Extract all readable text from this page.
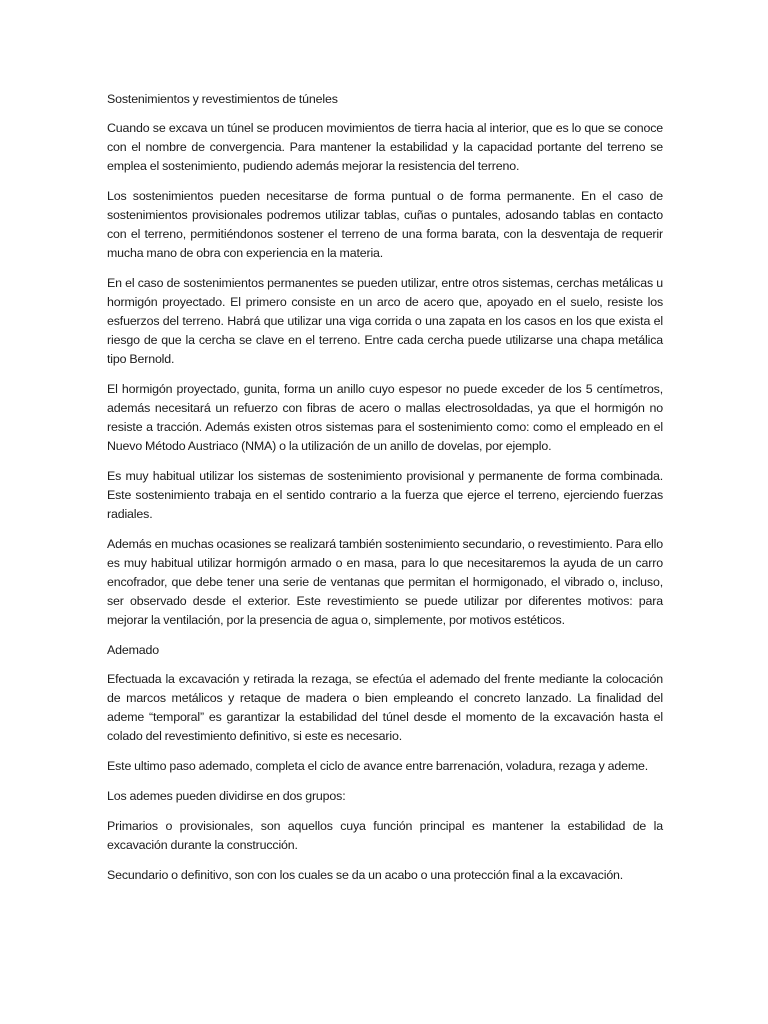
Sostenimientos y revestimientos de túneles

Cuando se excava un túnel se producen movimientos de tierra hacia al interior, que es lo que se conoce con el nombre de convergencia. Para mantener la estabilidad y la capacidad portante del terreno se emplea el sostenimiento, pudiendo además mejorar la resistencia del terreno.

Los sostenimientos pueden necesitarse de forma puntual o de forma permanente. En el caso de sostenimientos provisionales podremos utilizar tablas, cuñas o puntales, adosando tablas en contacto con el terreno, permitiéndonos sostener el terreno de una forma barata, con la desventaja de requerir mucha mano de obra con experiencia en la materia.

En el caso de sostenimientos permanentes se pueden utilizar, entre otros sistemas, cerchas metálicas u hormigón proyectado. El primero consiste en un arco de acero que, apoyado en el suelo, resiste los esfuerzos del terreno. Habrá que utilizar una viga corrida o una zapata en los casos en los que exista el riesgo de que la cercha se clave en el terreno. Entre cada cercha puede utilizarse una chapa metálica tipo Bernold.

El hormigón proyectado, gunita, forma un anillo cuyo espesor no puede exceder de los 5 centímetros, además necesitará un refuerzo con fibras de acero o mallas electrosoldadas, ya que el hormigón no resiste a tracción. Además existen otros sistemas para el sostenimiento como: como el empleado en el Nuevo Método Austriaco (NMA) o la utilización de un anillo de dovelas, por ejemplo.

Es muy habitual utilizar los sistemas de sostenimiento provisional y permanente de forma combinada. Este sostenimiento trabaja en el sentido contrario a la fuerza que ejerce el terreno, ejerciendo fuerzas radiales.

Además en muchas ocasiones se realizará también sostenimiento secundario, o revestimiento. Para ello es muy habitual utilizar hormigón armado o en masa, para lo que necesitaremos la ayuda de un carro encofrador, que debe tener una serie de ventanas que permitan el hormigonado, el vibrado o, incluso, ser observado desde el exterior. Este revestimiento se puede utilizar por diferentes motivos: para mejorar la ventilación, por la presencia de agua o, simplemente, por motivos estéticos.

Ademado

Efectuada la excavación y retirada la rezaga, se efectúa el ademado del frente mediante la colocación de marcos metálicos y retaque de madera o bien empleando el concreto lanzado. La finalidad del ademe “temporal” es garantizar la estabilidad del túnel desde el momento de la excavación hasta el colado del revestimiento definitivo, si este es necesario.

Este ultimo paso ademado, completa el ciclo de avance entre barrenación, voladura, rezaga y ademe.

Los ademes pueden dividirse en dos grupos:

Primarios o provisionales, son aquellos cuya función principal es mantener la estabilidad de la excavación durante la construcción.

Secundario o definitivo, son con los cuales se da un acabo o una protección final a la excavación.
